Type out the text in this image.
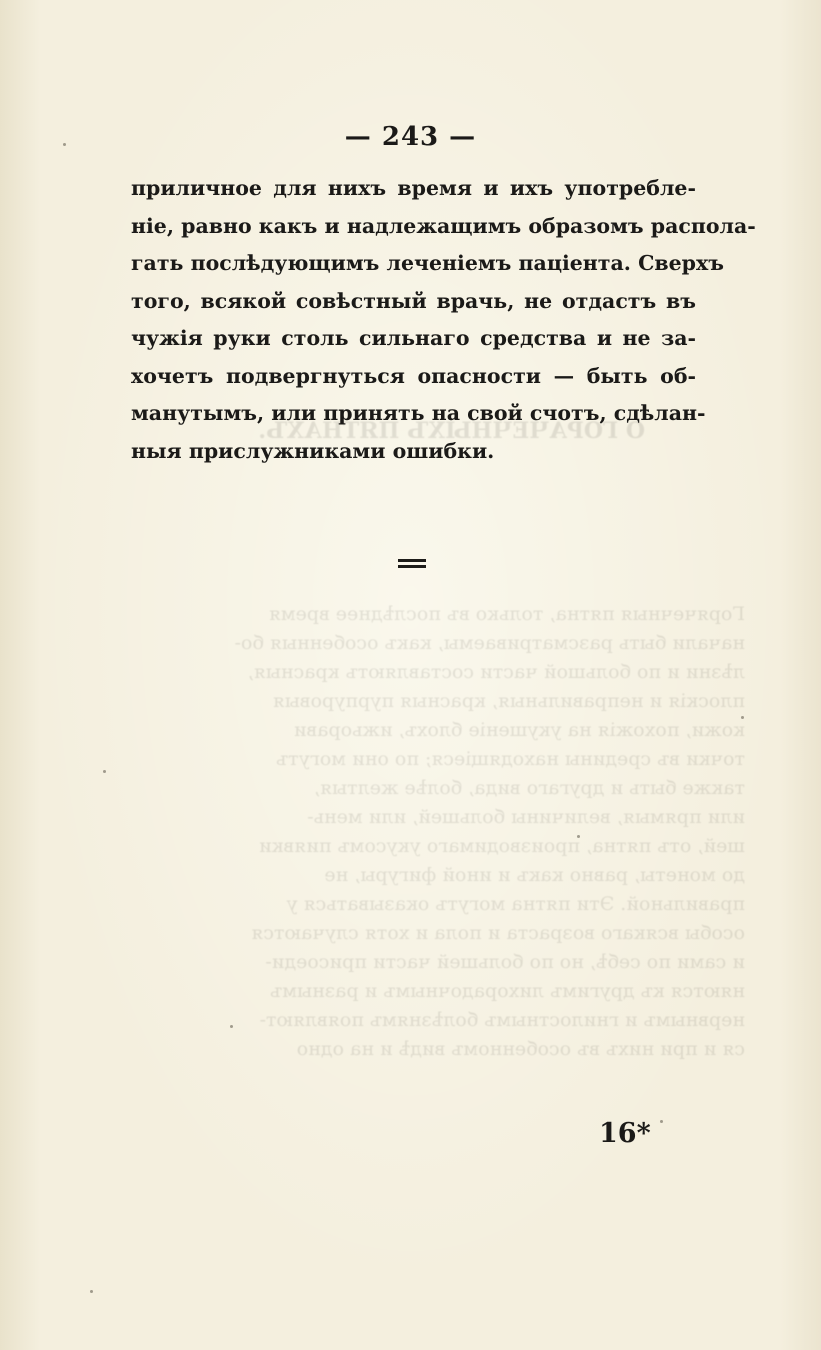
О ГОРАЧЕЧНЫХЪ ПЯТНАХЪ.
Горячечныя пятна, только въ послѣднее время
начали быть разсматриваемы, какъ особенныя бо-
лѣзни и по большой части составляютъ красныя,
плоскiя и неправильныя, красныя пурпуровыя
кожи, похожiя на укушенiе блохъ, ижьорави
точки въ средины находящiеся; по они могутъ
также быть и другаго вида, болѣе желтыя,
или прямыя, величины большей, или мень-
шей, отъ пятна, производимаго укусомъ пиявки
до монеты, равно какъ и иной фигуры, не
правильной. Эти пятна могутъ оказываться у
особы всякаго возраста и пола и хотя случаются
и сами по себѣ, но по большей части присоеди-
няются къ другимъ лихорадочнымъ и разнымъ
нервнымъ и гнилостнымъ болѣзнямъ появляют-
ся и при нихъ въ особенномъ видѣ и на одно
— 243 —
приличное для нихъ время и ихъ употребле-
нie, равно какъ и надлежащимъ образомъ распола-
гать послѣдующимъ леченiемъ пацiента. Сверхъ
того, всякой совѣстный врачь, не отдастъ въ
чужiя руки столь сильнаго средства и не за-
хочетъ подвергнуться опасности — быть об-
манутымъ, или принять на свой счотъ, сдѣлан-
ныя прислужниками ошибки.
16*
